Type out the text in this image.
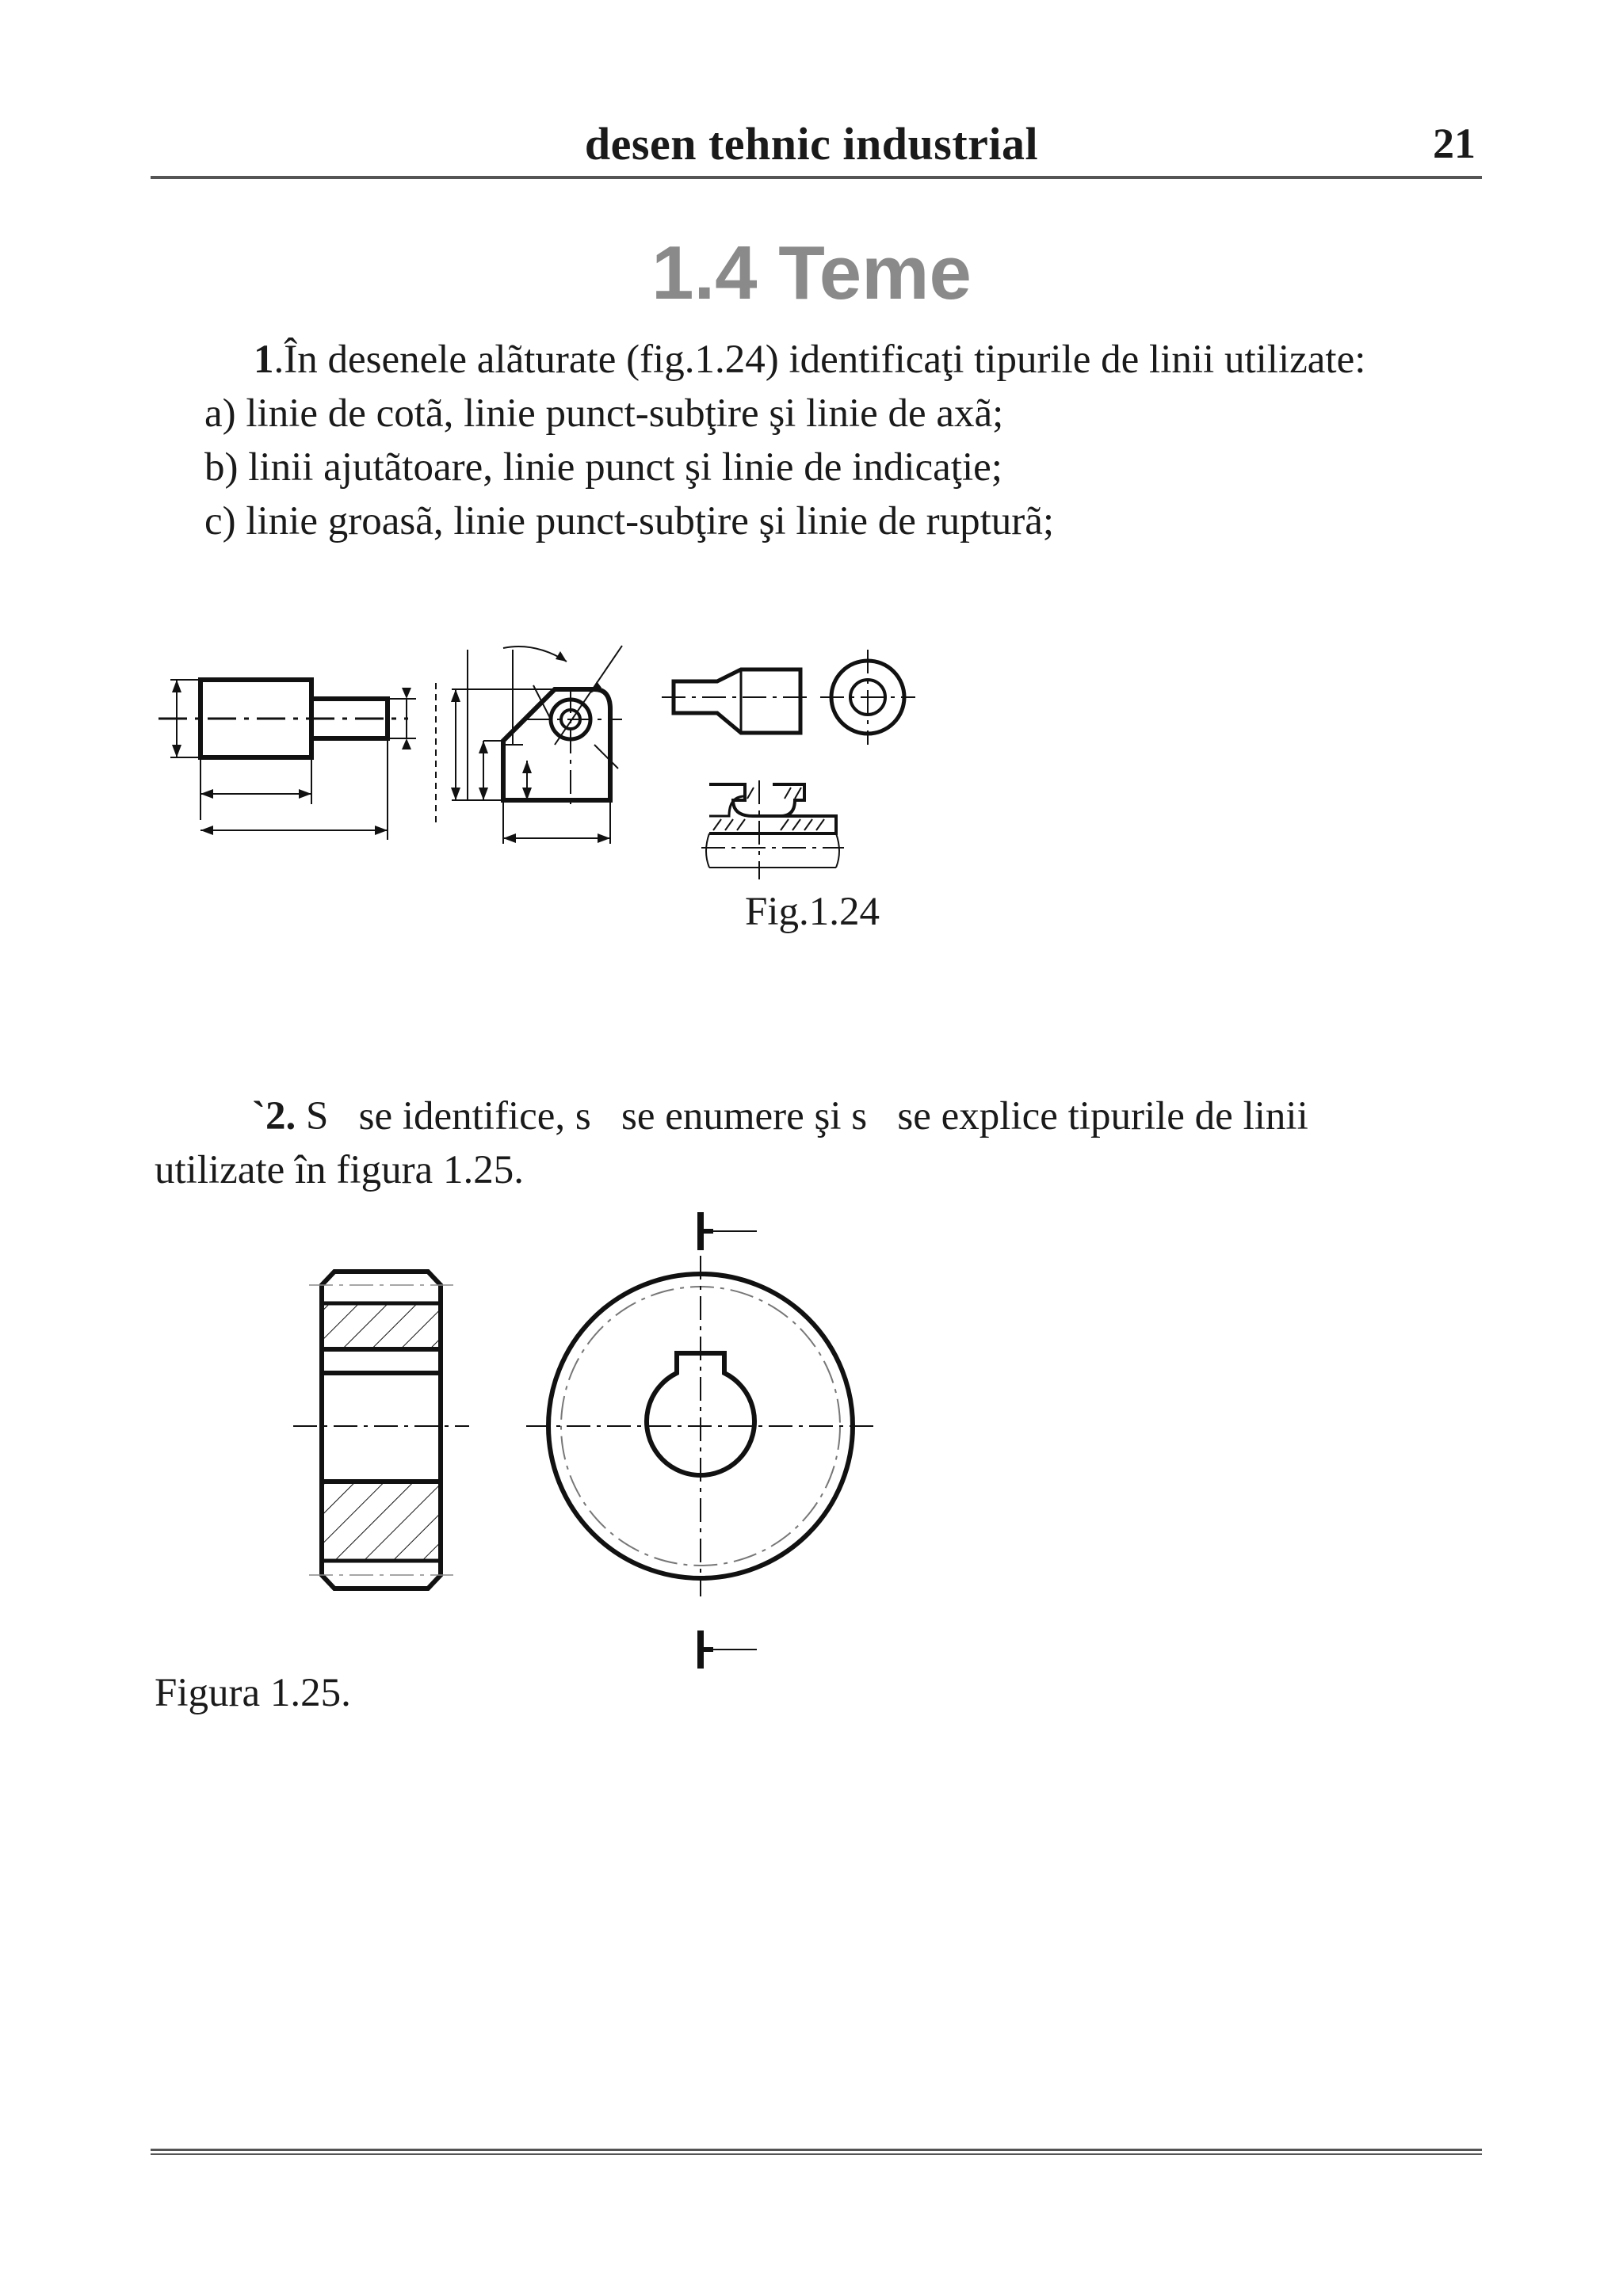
desen tehnic industrial	21
1.4 Teme
1.În desenele alãturate (fig.1.24) identificaţi tipurile de linii utilizate:
a) linie de cotã, linie punct-subţire şi linie de axã;
b) linii ajutãtoare, linie punct şi linie de indicaţie;
c) linie groasã, linie punct-subţire şi linie de rupturã;
Fig.1.24
`2. S   se identifice, s   se enumere şi s   se explice tipurile de linii
utilizate în figura 1.25.
Figura 1.25.
